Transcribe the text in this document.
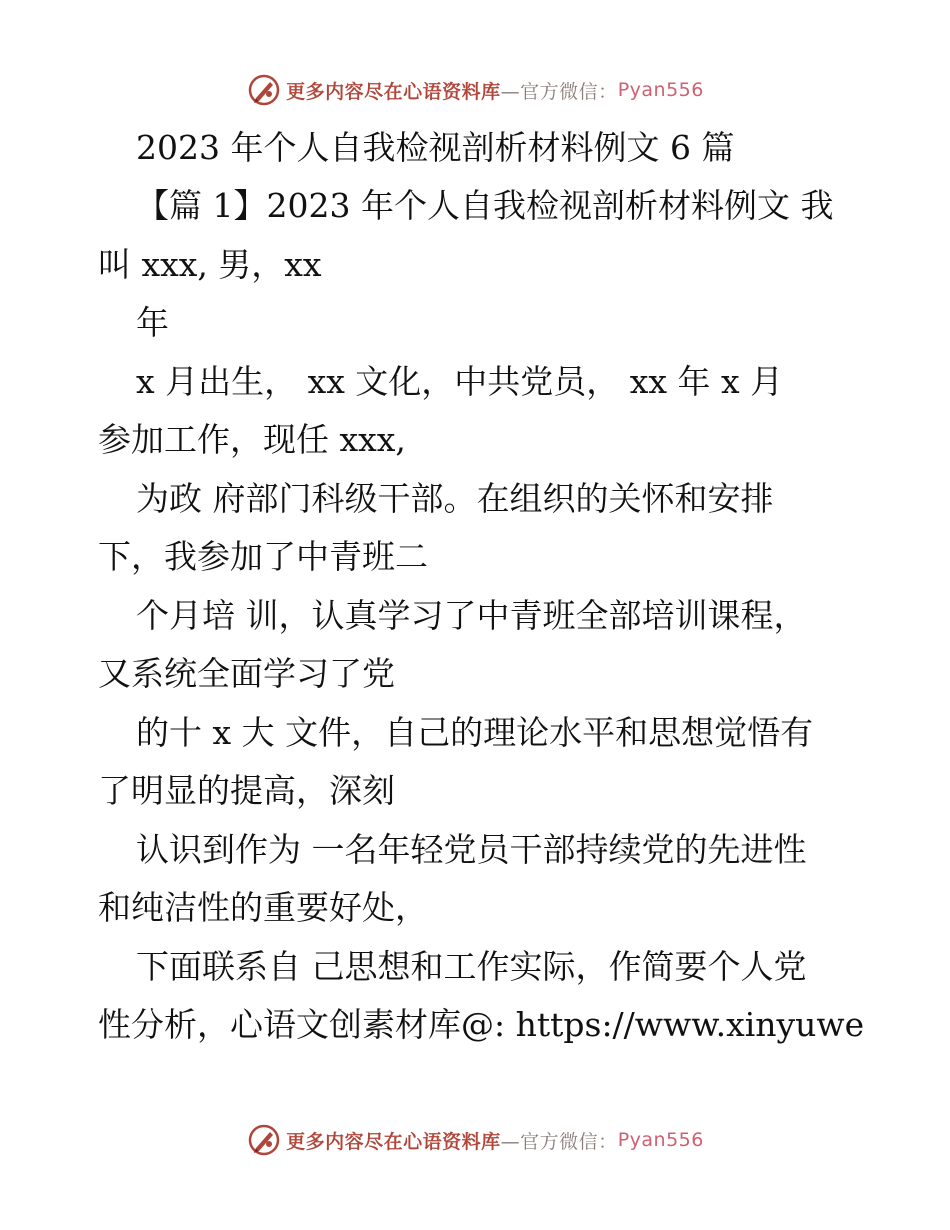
更多内容尽在心语资料库 —官方微信： Pyan556
2023 年个人自我检视剖析材料例文 6 篇
【篇 1】2023 年个人自我检视剖析材料例文 我
叫 xxx, 男，xx
年
x 月出生， xx 文化，中共党员， xx 年 x 月
参加工作，现任 xxx,
为政 府部门科级干部。在组织的关怀和安排
下，我参加了中青班二
个月培 训，认真学习了中青班全部培训课程，
又系统全面学习了党
的十 x 大 文件，自己的理论水平和思想觉悟有
了明显的提高，深刻
认识到作为 一名年轻党员干部持续党的先进性
和纯洁性的重要好处，
下面联系自 己思想和工作实际，作简要个人党
性分析，心语文创素材库@: https://www.xinyuwe
更多内容尽在心语资料库 —官方微信： Pyan556
